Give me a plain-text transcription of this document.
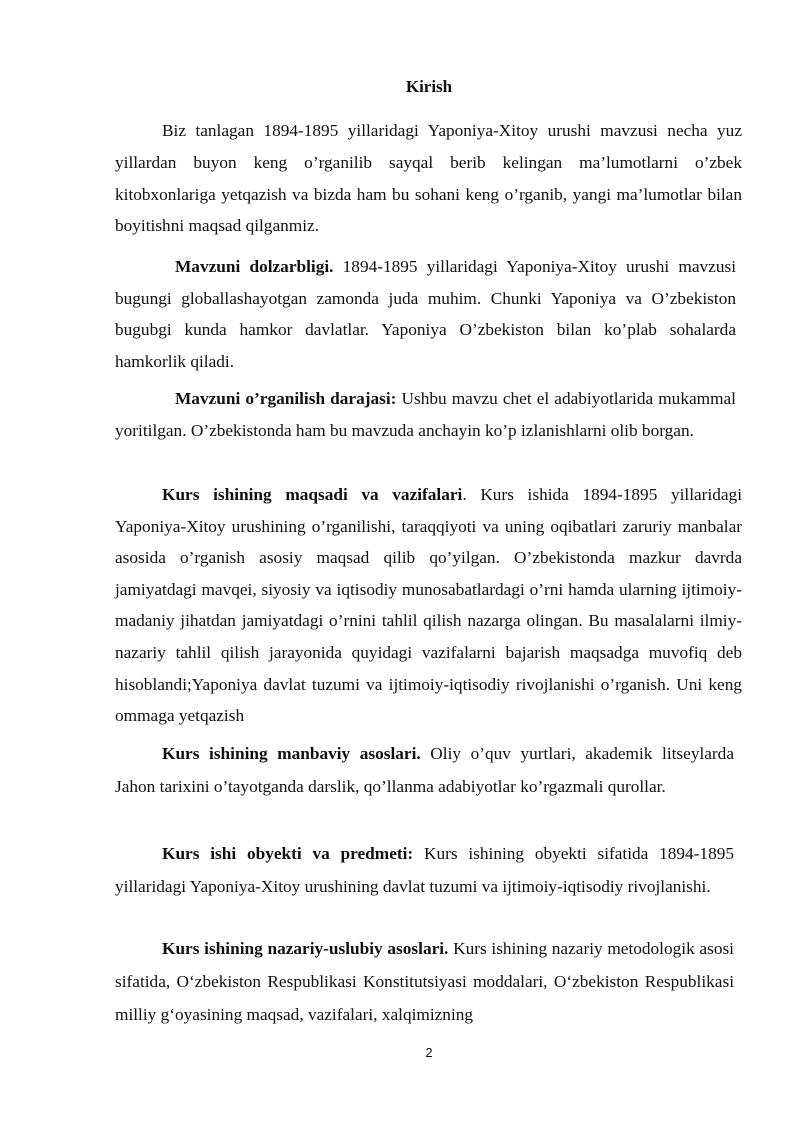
Kirish

Biz tanlagan 1894-1895 yillaridagi Yaponiya-Xitoy urushi mavzusi necha yuz yillardan buyon keng o’rganilib sayqal berib kelingan ma’lumotlarni o’zbek kitobxonlariga yetqazish va bizda ham bu sohani keng o’rganib, yangi ma’lumotlar bilan boyitishni maqsad qilganmiz.

Mavzuni dolzarbligi. 1894-1895 yillaridagi Yaponiya-Xitoy urushi mavzusi bugungi globallashayotgan zamonda juda muhim. Chunki Yaponiya va O’zbekiston bugubgi kunda hamkor davlatlar. Yaponiya O’zbekiston bilan ko’plab sohalarda hamkorlik qiladi.

Mavzuni o’rganilish darajasi: Ushbu mavzu chet el adabiyotlarida mukammal yoritilgan. O’zbekistonda ham bu mavzuda anchayin ko’p izlanishlarni olib borgan.

Kurs ishining maqsadi va vazifalari. Kurs ishida 1894-1895 yillaridagi Yaponiya-Xitoy urushining o’rganilishi, taraqqiyoti va uning oqibatlari zaruriy manbalar asosida o’rganish asosiy maqsad qilib qo’yilgan. O’zbekistonda mazkur davrda jamiyatdagi mavqei, siyosiy va iqtisodiy munosabatlardagi o’rni hamda ularning ijtimoiy-madaniy jihatdan jamiyatdagi o’rnini tahlil qilish nazarga olingan. Bu masalalarni ilmiy-nazariy tahlil qilish jarayonida quyidagi vazifalarni bajarish maqsadga muvofiq deb hisoblandi;Yaponiya davlat tuzumi va ijtimoiy-iqtisodiy rivojlanishi o’rganish. Uni keng ommaga yetqazish

Kurs ishining manbaviy asoslari. Oliy o’quv yurtlari, akademik litseylarda Jahon tarixini o’tayotganda darslik, qo’llanma adabiyotlar ko’rgazmali qurollar.

Kurs ishi obyekti va predmeti: Kurs ishining obyekti sifatida 1894-1895 yillaridagi Yaponiya-Xitoy urushining davlat tuzumi va ijtimoiy-iqtisodiy rivojlanishi.

Kurs ishining nazariy-uslubiy asoslari. Kurs ishining nazariy metodologik asosi sifatida, O‘zbekiston Respublikasi Konstitutsiyasi moddalari, O‘zbekiston Respublikasi milliy g‘oyasining maqsad, vazifalari, xalqimizning

2
